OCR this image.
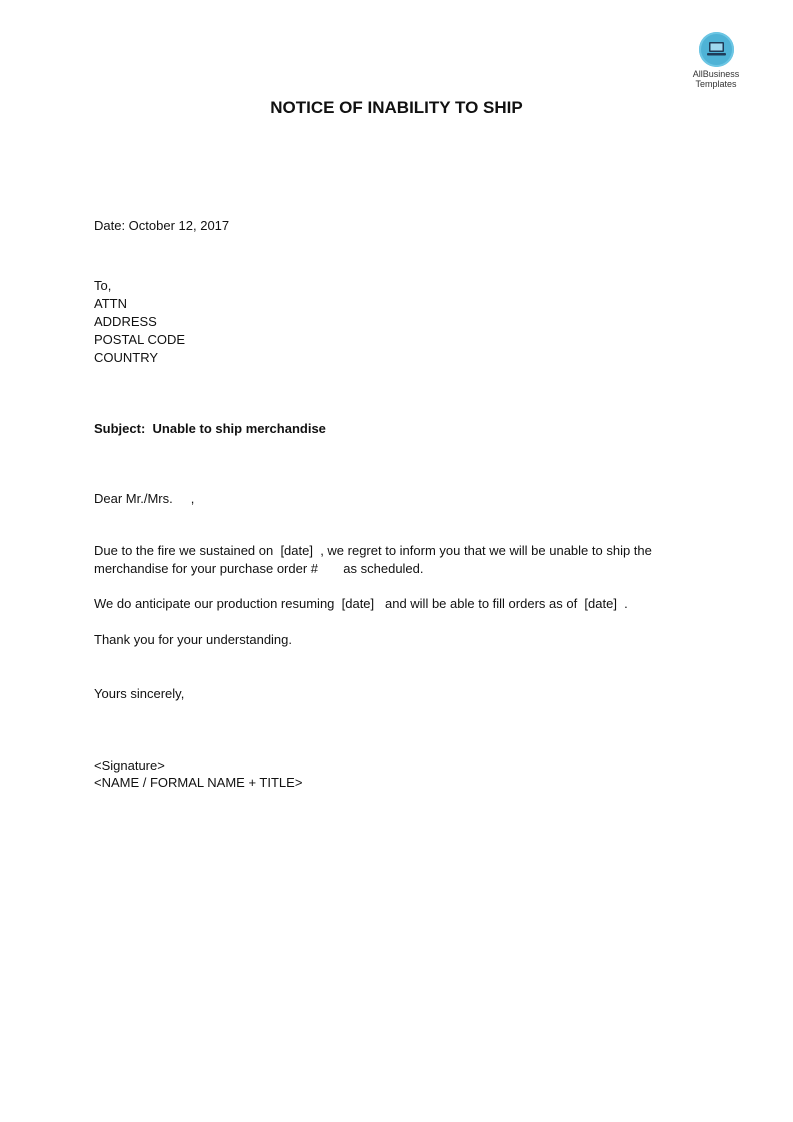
AllBusiness
Templates
NOTICE OF INABILITY TO SHIP
Date: October 12, 2017
To,
ATTN
ADDRESS
POSTAL CODE
COUNTRY
Subject: Unable to ship merchandise
Dear Mr./Mrs.     ,
Due to the fire we sustained on  [date]  , we regret to inform you that we will be unable to ship the
merchandise for your purchase order #       as scheduled.
We do anticipate our production resuming  [date]   and will be able to fill orders as of  [date]  .
Thank you for your understanding.
Yours sincerely,
<Signature>
<NAME / FORMAL NAME + TITLE>
